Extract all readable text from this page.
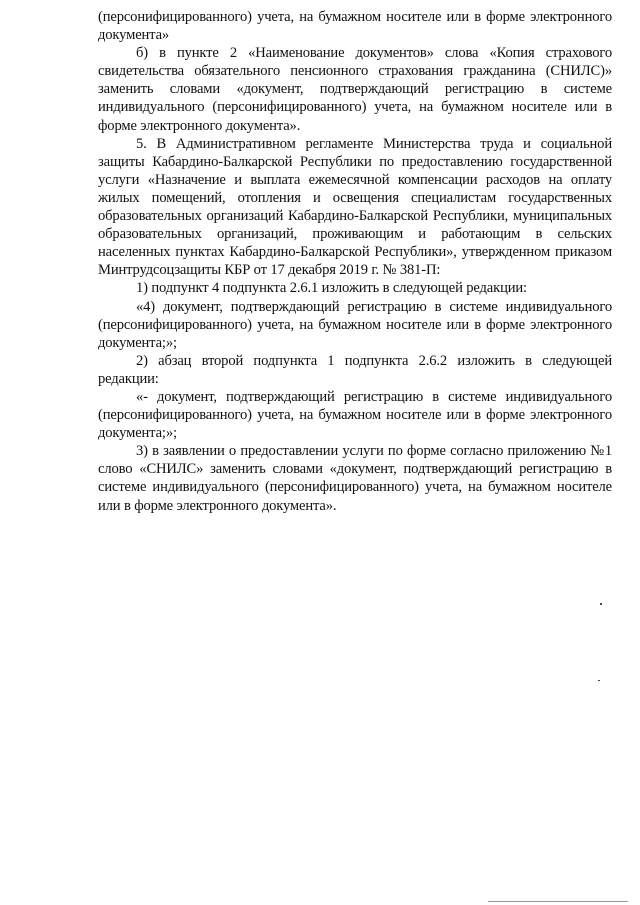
(персонифицированного) учета, на бумажном носителе или в форме электронного документа»

б) в пункте 2 «Наименование документов» слова «Копия страхового свидетельства обязательного пенсионного страхования гражданина (СНИЛС)» заменить словами «документ, подтверждающий регистрацию в системе индивидуального (персонифицированного) учета, на бумажном носителе или в форме электронного документа».

5. В Административном регламенте Министерства труда и социальной защиты Кабардино-Балкарской Республики по предоставлению государственной услуги «Назначение и выплата ежемесячной компенсации расходов на оплату жилых помещений, отопления и освещения специалистам государственных образовательных организаций Кабардино-Балкарской Республики, муниципальных образовательных организаций, проживающим и работающим в сельских населенных пунктах Кабардино-Балкарской Республики», утвержденном приказом Минтрудсоцзащиты КБР от 17 декабря 2019 г. № 381-П:

1) подпункт 4 подпункта 2.6.1 изложить в следующей редакции:

«4) документ, подтверждающий регистрацию в системе индивидуального (персонифицированного) учета, на бумажном носителе или в форме электронного документа;»;

2) абзац второй подпункта 1 подпункта 2.6.2 изложить в следующей редакции:

«- документ, подтверждающий регистрацию в системе индивидуального (персонифицированного) учета, на бумажном носителе или в форме электронного документа;»;

3) в заявлении о предоставлении услуги по форме согласно приложению №1 слово «СНИЛС» заменить словами «документ, подтверждающий регистрацию в системе индивидуального (персонифицированного) учета, на бумажном носителе или в форме электронного документа».
